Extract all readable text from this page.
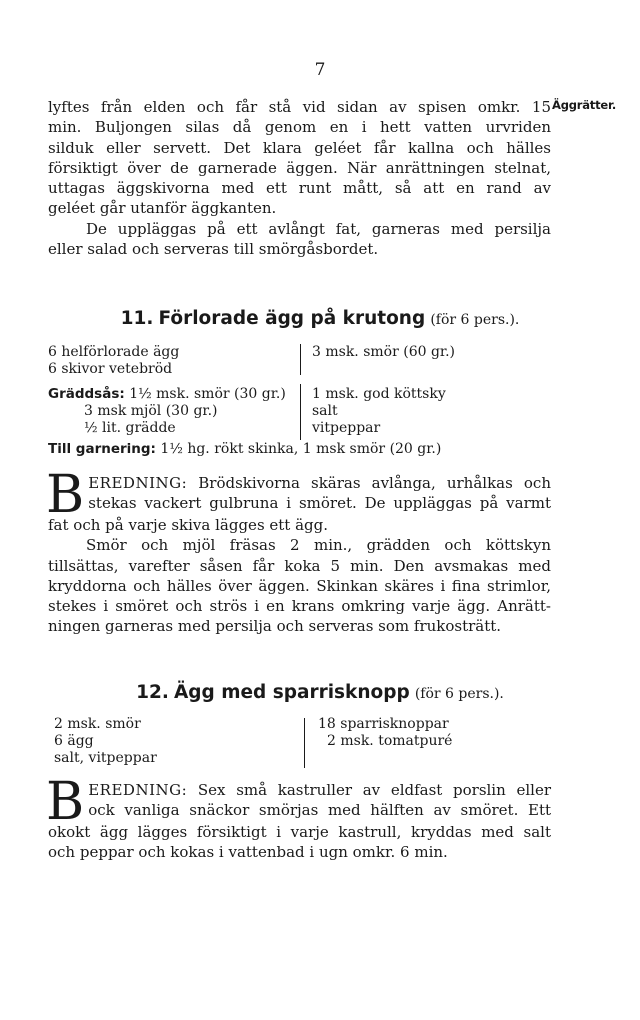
7
Äggrätter.
lyftes från elden och får stå vid sidan av spisen omkr. 15
min. Buljongen silas då genom en i hett vatten urvriden
silduk eller servett. Det klara geléet får kallna och hälles
försiktigt över de garnerade äggen. När anrättningen stelnat,
uttagas äggskivorna med ett runt mått, så att en rand av
geléet går utanför äggkanten.
De uppläggas på ett avlångt fat, garneras med persilja
eller salad och serveras till smörgåsbordet.
11. Förlorade ägg på krutong (för 6 pers.).
6 helförlorade ägg
6 skivor vetebröd
Gräddsås: 1½ msk. smör (30 gr.)
3 msk mjöl (30 gr.)
½ lit. grädde
3 msk. smör (60 gr.)
1 msk. god köttsky
salt
vitpeppar
Till garnering: 1½ hg. rökt skinka, 1 msk smör (20 gr.)
B EREDNING: Brödskivorna skäras avlånga, urhålkas och
stekas vackert gulbruna i smöret. De uppläggas på varmt
fat och på varje skiva lägges ett ägg.
Smör och mjöl fräsas 2 min., grädden och köttskyn
tillsättas, varefter såsen får koka 5 min. Den avsmakas med
kryddorna och hälles över äggen. Skinkan skäres i fina strimlor,
stekes i smöret och strös i en krans omkring varje ägg. Anrätt-
ningen garneras med persilja och serveras som frukosträtt.
12. Ägg med sparrisknopp (för 6 pers.).
2 msk. smör
6 ägg
salt, vitpeppar
18 sparrisknoppar
2 msk. tomatpuré
B EREDNING: Sex små kastruller av eldfast porslin eller
ock vanliga snäckor smörjas med hälften av smöret. Ett
okokt ägg lägges försiktigt i varje kastrull, kryddas med salt
och peppar och kokas i vattenbad i ugn omkr. 6 min.
